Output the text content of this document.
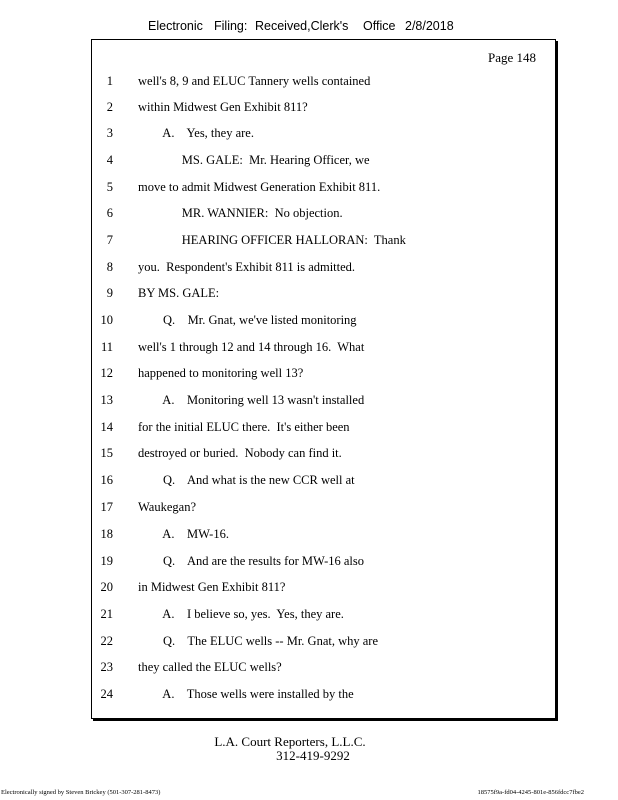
Electronic Filing: Received,Clerk's Office 2/8/2018
Page 148
1 well's 8, 9 and ELUC Tannery wells contained
2 within Midwest Gen Exhibit 811?
3 A.    Yes, they are.
4 MS. GALE:  Mr. Hearing Officer, we
5 move to admit Midwest Generation Exhibit 811.
6 MR. WANNIER:  No objection.
7 HEARING OFFICER HALLORAN:  Thank
8 you.  Respondent's Exhibit 811 is admitted.
9 BY MS. GALE:
10 Q.    Mr. Gnat, we've listed monitoring
11 well's 1 through 12 and 14 through 16.  What
12 happened to monitoring well 13?
13 A.    Monitoring well 13 wasn't installed
14 for the initial ELUC there.  It's either been
15 destroyed or buried.  Nobody can find it.
16 Q.    And what is the new CCR well at
17 Waukegan?
18 A.    MW-16.
19 Q.    And are the results for MW-16 also
20 in Midwest Gen Exhibit 811?
21 A.    I believe so, yes.  Yes, they are.
22 Q.    The ELUC wells -- Mr. Gnat, why are
23 they called the ELUC wells?
24 A.    Those wells were installed by the
L.A. Court Reporters, L.L.C.
312-419-9292
Electronically signed by Steven Brickey (501-307-281-8473)	18575f9a-fd04-4245-801e-856fdcc7fbe2
